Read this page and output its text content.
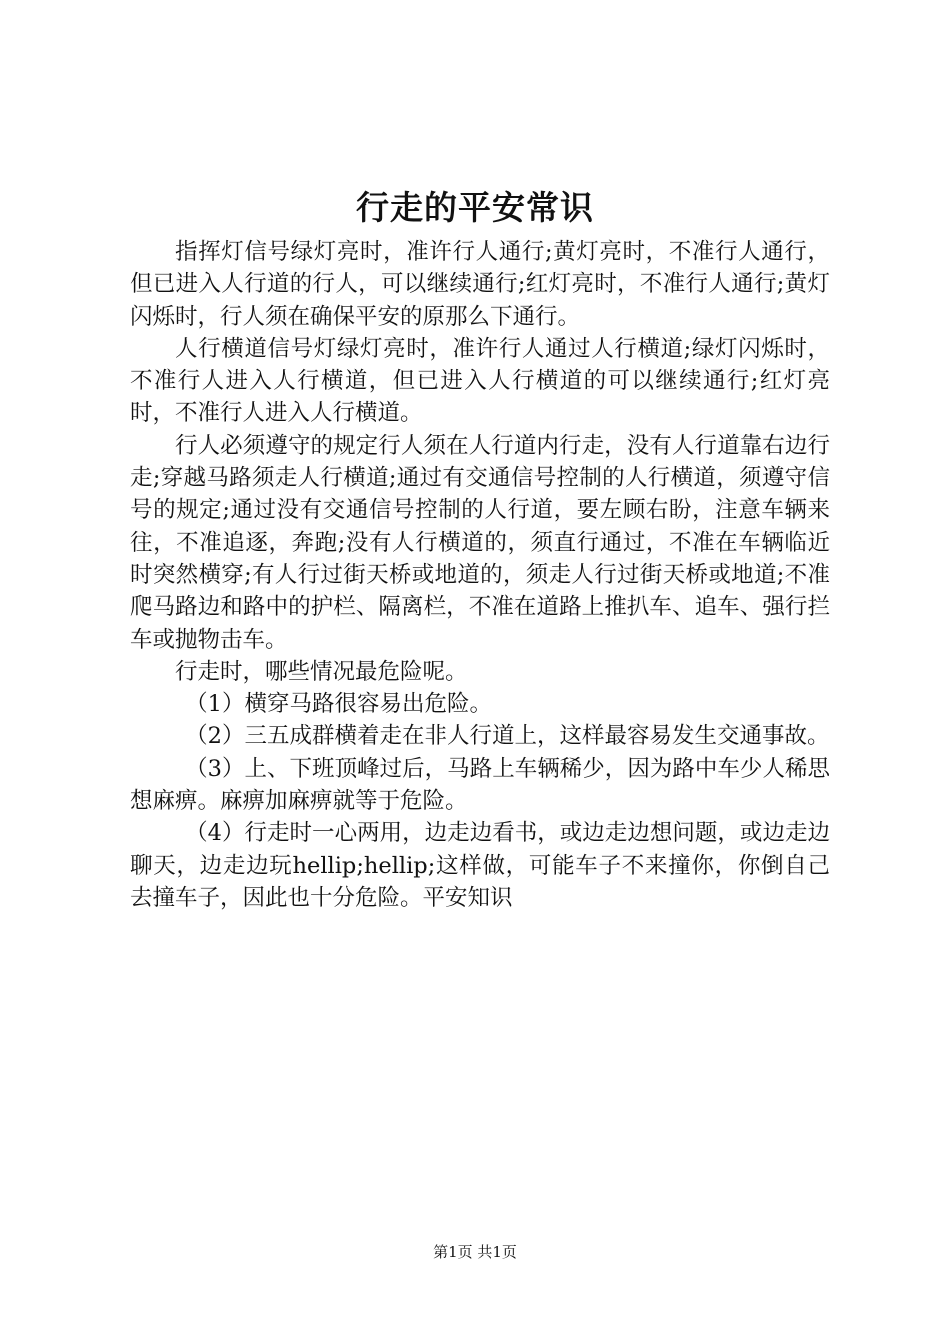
行走的平安常识

指挥灯信号绿灯亮时，准许行人通行;黄灯亮时，不准行人通行，但已进入人行道的行人，可以继续通行;红灯亮时，不准行人通行;黄灯闪烁时，行人须在确保平安的原那么下通行。

人行横道信号灯绿灯亮时，准许行人通过人行横道;绿灯闪烁时，不准行人进入人行横道，但已进入人行横道的可以继续通行;红灯亮时，不准行人进入人行横道。

行人必须遵守的规定行人须在人行道内行走，没有人行道靠右边行走;穿越马路须走人行横道;通过有交通信号控制的人行横道，须遵守信号的规定;通过没有交通信号控制的人行道，要左顾右盼，注意车辆来往，不准追逐，奔跑;没有人行横道的，须直行通过，不准在车辆临近时突然横穿;有人行过街天桥或地道的，须走人行过街天桥或地道;不准爬马路边和路中的护栏、隔离栏，不准在道路上推扒车、追车、强行拦车或抛物击车。

行走时，哪些情况最危险呢。

（1）横穿马路很容易出危险。

（2）三五成群横着走在非人行道上，这样最容易发生交通事故。

（3）上、下班顶峰过后，马路上车辆稀少，因为路中车少人稀思想麻痹。麻痹加麻痹就等于危险。

（4）行走时一心两用，边走边看书，或边走边想问题，或边走边聊天，边走边玩hellip;hellip;这样做，可能车子不来撞你，你倒自己去撞车子，因此也十分危险。平安知识

第1页 共1页
